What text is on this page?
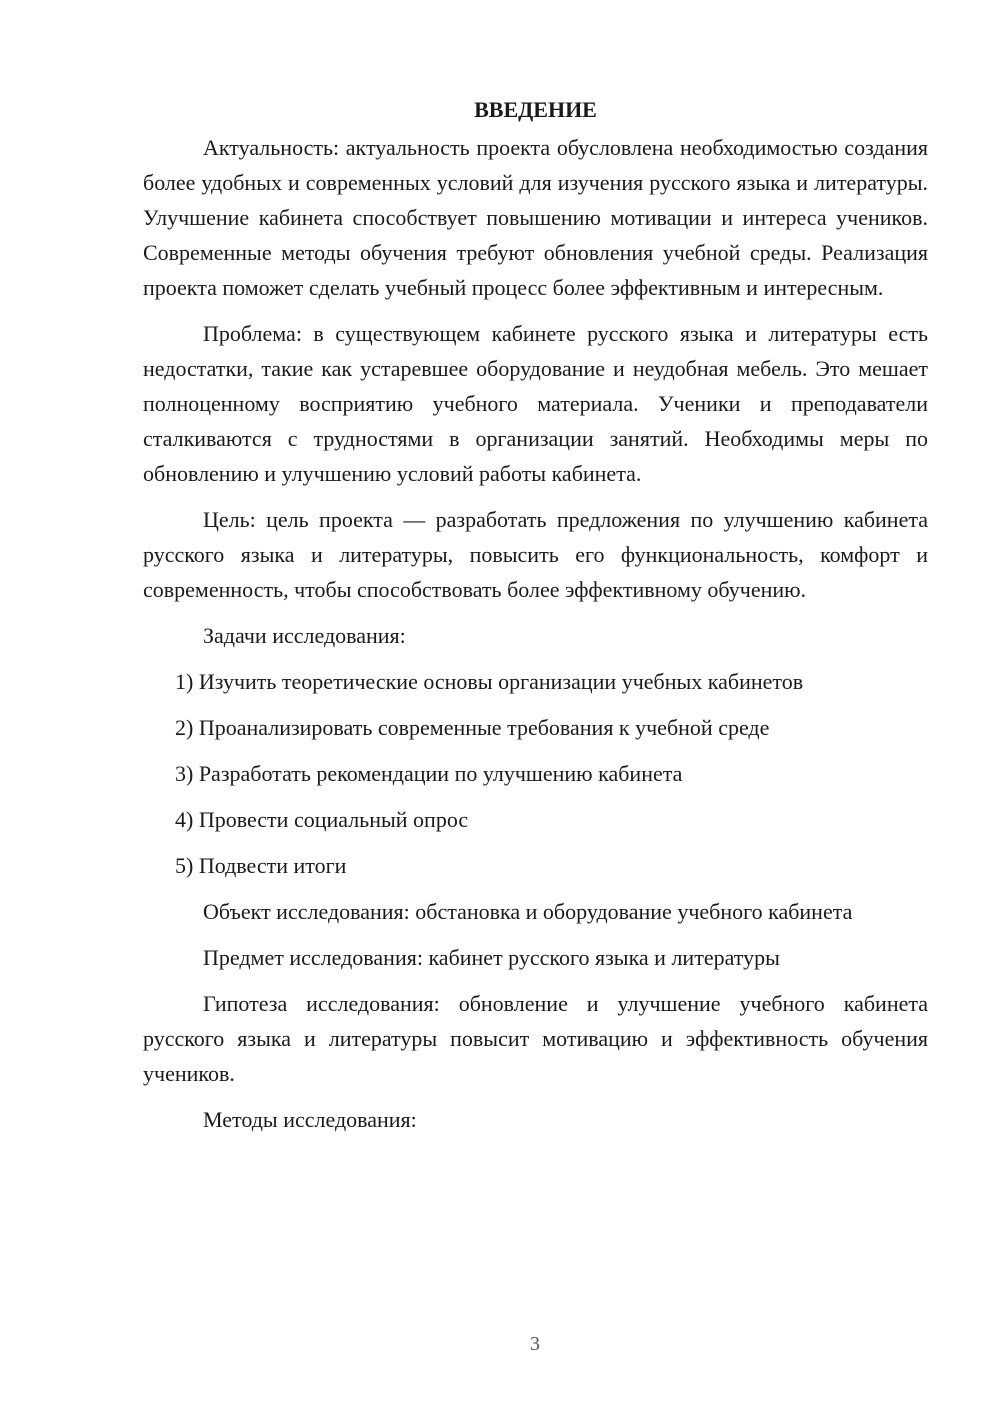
ВВЕДЕНИЕ

Актуальность: актуальность проекта обусловлена необходимостью создания более удобных и современных условий для изучения русского языка и литературы. Улучшение кабинета способствует повышению мотивации и интереса учеников. Современные методы обучения требуют обновления учебной среды. Реализация проекта поможет сделать учебный процесс более эффективным и интересным.

Проблема: в существующем кабинете русского языка и литературы есть недостатки, такие как устаревшее оборудование и неудобная мебель. Это мешает полноценному восприятию учебного материала. Ученики и преподаватели сталкиваются с трудностями в организации занятий. Необходимы меры по обновлению и улучшению условий работы кабинета.

Цель: цель проекта — разработать предложения по улучшению кабинета русского языка и литературы, повысить его функциональность, комфорт и современность, чтобы способствовать более эффективному обучению.

Задачи исследования:

1) Изучить теоретические основы организации учебных кабинетов
2) Проанализировать современные требования к учебной среде
3) Разработать рекомендации по улучшению кабинета
4) Провести социальный опрос
5) Подвести итоги

Объект исследования: обстановка и оборудование учебного кабинета

Предмет исследования: кабинет русского языка и литературы

Гипотеза исследования: обновление и улучшение учебного кабинета русского языка и литературы повысит мотивацию и эффективность обучения учеников.

Методы исследования:

3
